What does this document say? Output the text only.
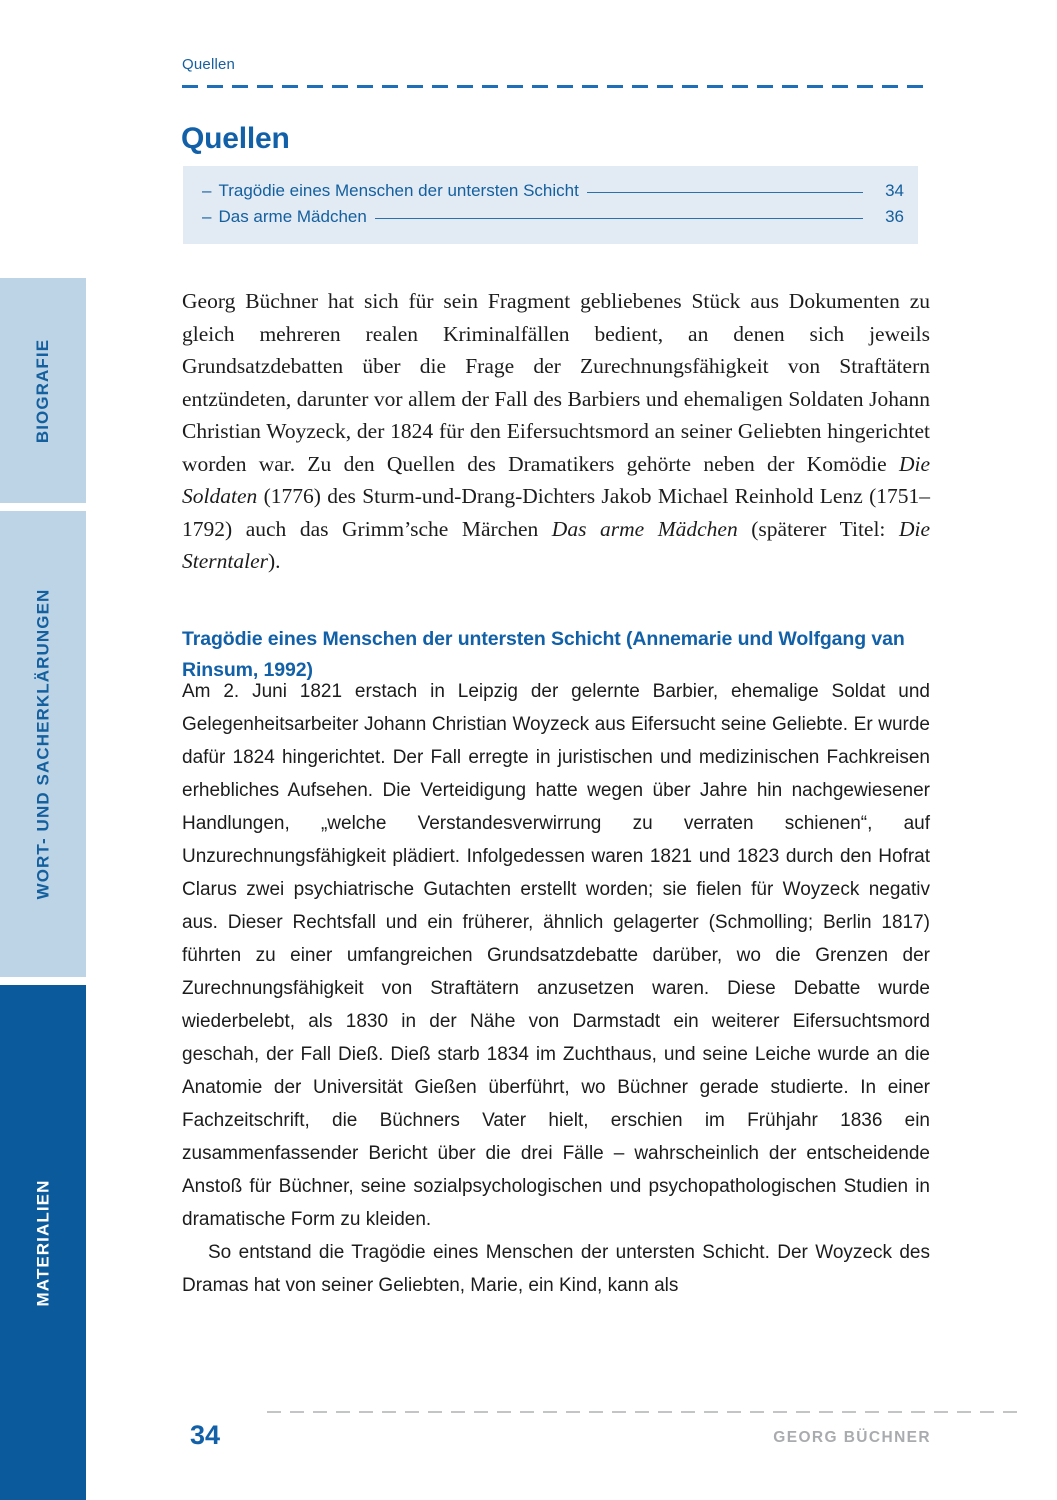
BIOGRAFIE
WORT- UND SACHERKLÄRUNGEN
MATERIALIEN
Quellen
Quellen
– Tragödie eines Menschen der untersten Schicht	34
– Das arme Mädchen	36
Georg Büchner hat sich für sein Fragment gebliebenes Stück aus Dokumenten zu gleich mehreren realen Kriminalfällen bedient, an denen sich jeweils Grundsatzdebatten über die Frage der Zurechnungsfähigkeit von Straftätern entzündeten, darunter vor allem der Fall des Barbiers und ehemaligen Soldaten Johann Christian Woyzeck, der 1824 für den Eifersuchtsmord an seiner Geliebten hingerichtet worden war. Zu den Quellen des Dramatikers gehörte neben der Komödie Die Soldaten (1776) des Sturm-und-Drang-Dichters Jakob Michael Reinhold Lenz (1751–1792) auch das Grimm’sche Märchen Das arme Mädchen (späterer Titel: Die Sterntaler).
Tragödie eines Menschen der untersten Schicht (Annemarie und Wolfgang van Rinsum, 1992)

Am 2. Juni 1821 erstach in Leipzig der gelernte Barbier, ehemalige Soldat und Gelegenheitsarbeiter Johann Christian Woyzeck aus Eifersucht seine Geliebte. Er wurde dafür 1824 hingerichtet. Der Fall erregte in juristischen und medizinischen Fachkreisen erhebliches Aufsehen. Die Verteidigung hatte wegen über Jahre hin nachgewiesener Handlungen, „welche Verstandesverwirrung zu verraten schienen“, auf Unzurechnungsfähigkeit plädiert. Infolgedessen waren 1821 und 1823 durch den Hofrat Clarus zwei psychiatrische Gutachten erstellt worden; sie fielen für Woyzeck negativ aus. Dieser Rechtsfall und ein früherer, ähnlich gelagerter (Schmolling; Berlin 1817) führten zu einer umfangreichen Grundsatzdebatte darüber, wo die Grenzen der Zurechnungsfähigkeit von Straftätern anzusetzen waren. Diese Debatte wurde wiederbelebt, als 1830 in der Nähe von Darmstadt ein weiterer Eifersuchtsmord geschah, der Fall Dieß. Dieß starb 1834 im Zuchthaus, und seine Leiche wurde an die Anatomie der Universität Gießen überführt, wo Büchner gerade studierte. In einer Fachzeitschrift, die Büchners Vater hielt, erschien im Frühjahr 1836 ein zusammenfassender Bericht über die drei Fälle – wahrscheinlich der entscheidende Anstoß für Büchner, seine sozialpsychologischen und psychopathologischen Studien in dramatische Form zu kleiden.

So entstand die Tragödie eines Menschen der untersten Schicht. Der Woyzeck des Dramas hat von seiner Geliebten, Marie, ein Kind, kann als

34	GEORG BÜCHNER
